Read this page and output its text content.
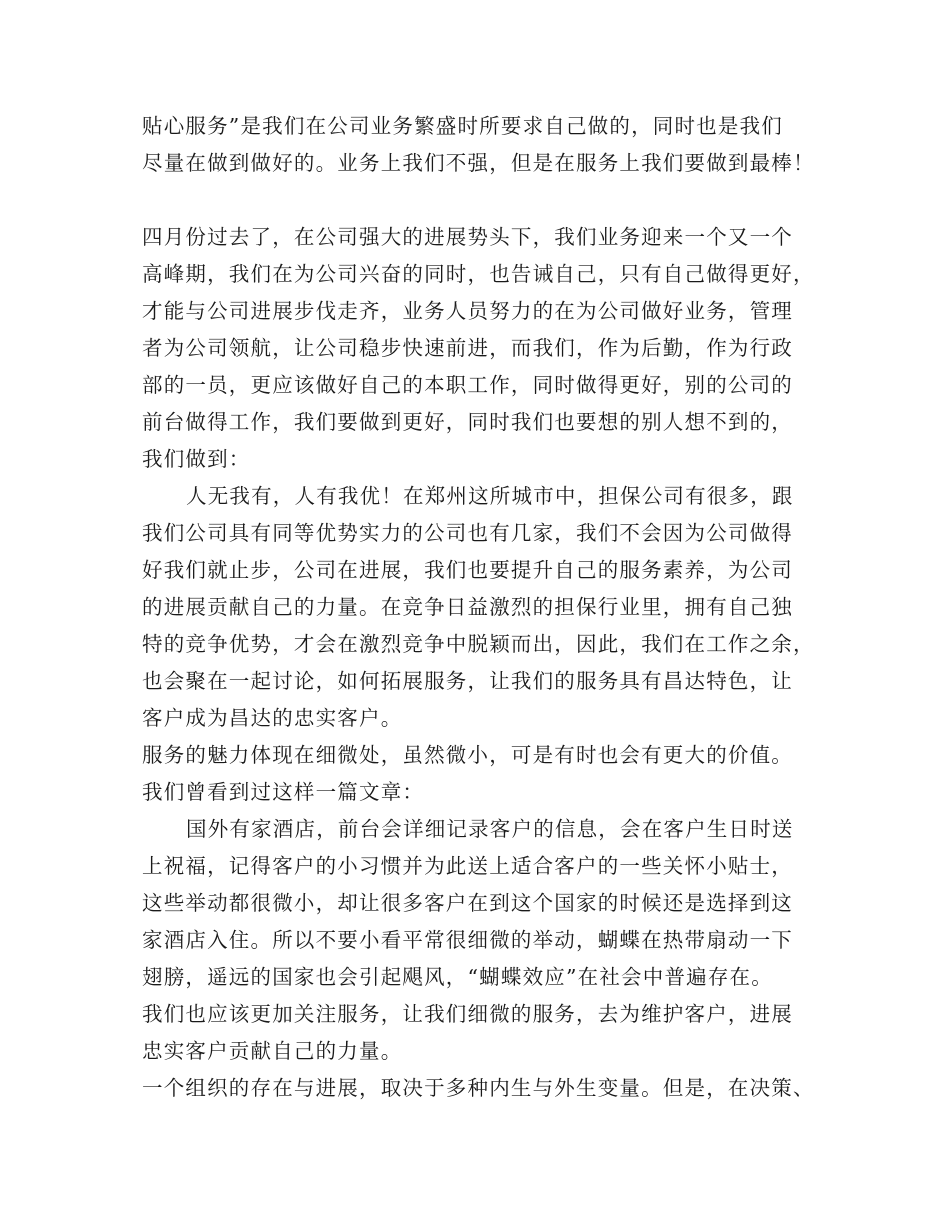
贴心服务”是我们在公司业务繁盛时所要求自己做的，同时也是我们
尽量在做到做好的。业务上我们不强，但是在服务上我们要做到最棒！
四月份过去了，在公司强大的进展势头下，我们业务迎来一个又一个
高峰期，我们在为公司兴奋的同时，也告诫自己，只有自己做得更好，
才能与公司进展步伐走齐，业务人员努力的在为公司做好业务，管理
者为公司领航，让公司稳步快速前进，而我们，作为后勤，作为行政
部的一员，更应该做好自己的本职工作，同时做得更好，别的公司的
前台做得工作，我们要做到更好，同时我们也要想的别人想不到的，
我们做到：
人无我有，人有我优！在郑州这所城市中，担保公司有很多，跟
我们公司具有同等优势实力的公司也有几家，我们不会因为公司做得
好我们就止步，公司在进展，我们也要提升自己的服务素养，为公司
的进展贡献自己的力量。在竞争日益激烈的担保行业里，拥有自己独
特的竞争优势，才会在激烈竞争中脱颖而出，因此，我们在工作之余，
也会聚在一起讨论，如何拓展服务，让我们的服务具有昌达特色，让
客户成为昌达的忠实客户。
服务的魅力体现在细微处，虽然微小，可是有时也会有更大的价值。
我们曾看到过这样一篇文章：
国外有家酒店，前台会详细记录客户的信息，会在客户生日时送
上祝福，记得客户的小习惯并为此送上适合客户的一些关怀小贴士，
这些举动都很微小，却让很多客户在到这个国家的时候还是选择到这
家酒店入住。所以不要小看平常很细微的举动，蝴蝶在热带扇动一下
翅膀，遥远的国家也会引起飓风，“蝴蝶效应”在社会中普遍存在。
我们也应该更加关注服务，让我们细微的服务，去为维护客户，进展
忠实客户贡献自己的力量。
一个组织的存在与进展，取决于多种内生与外生变量。但是，在决策、
